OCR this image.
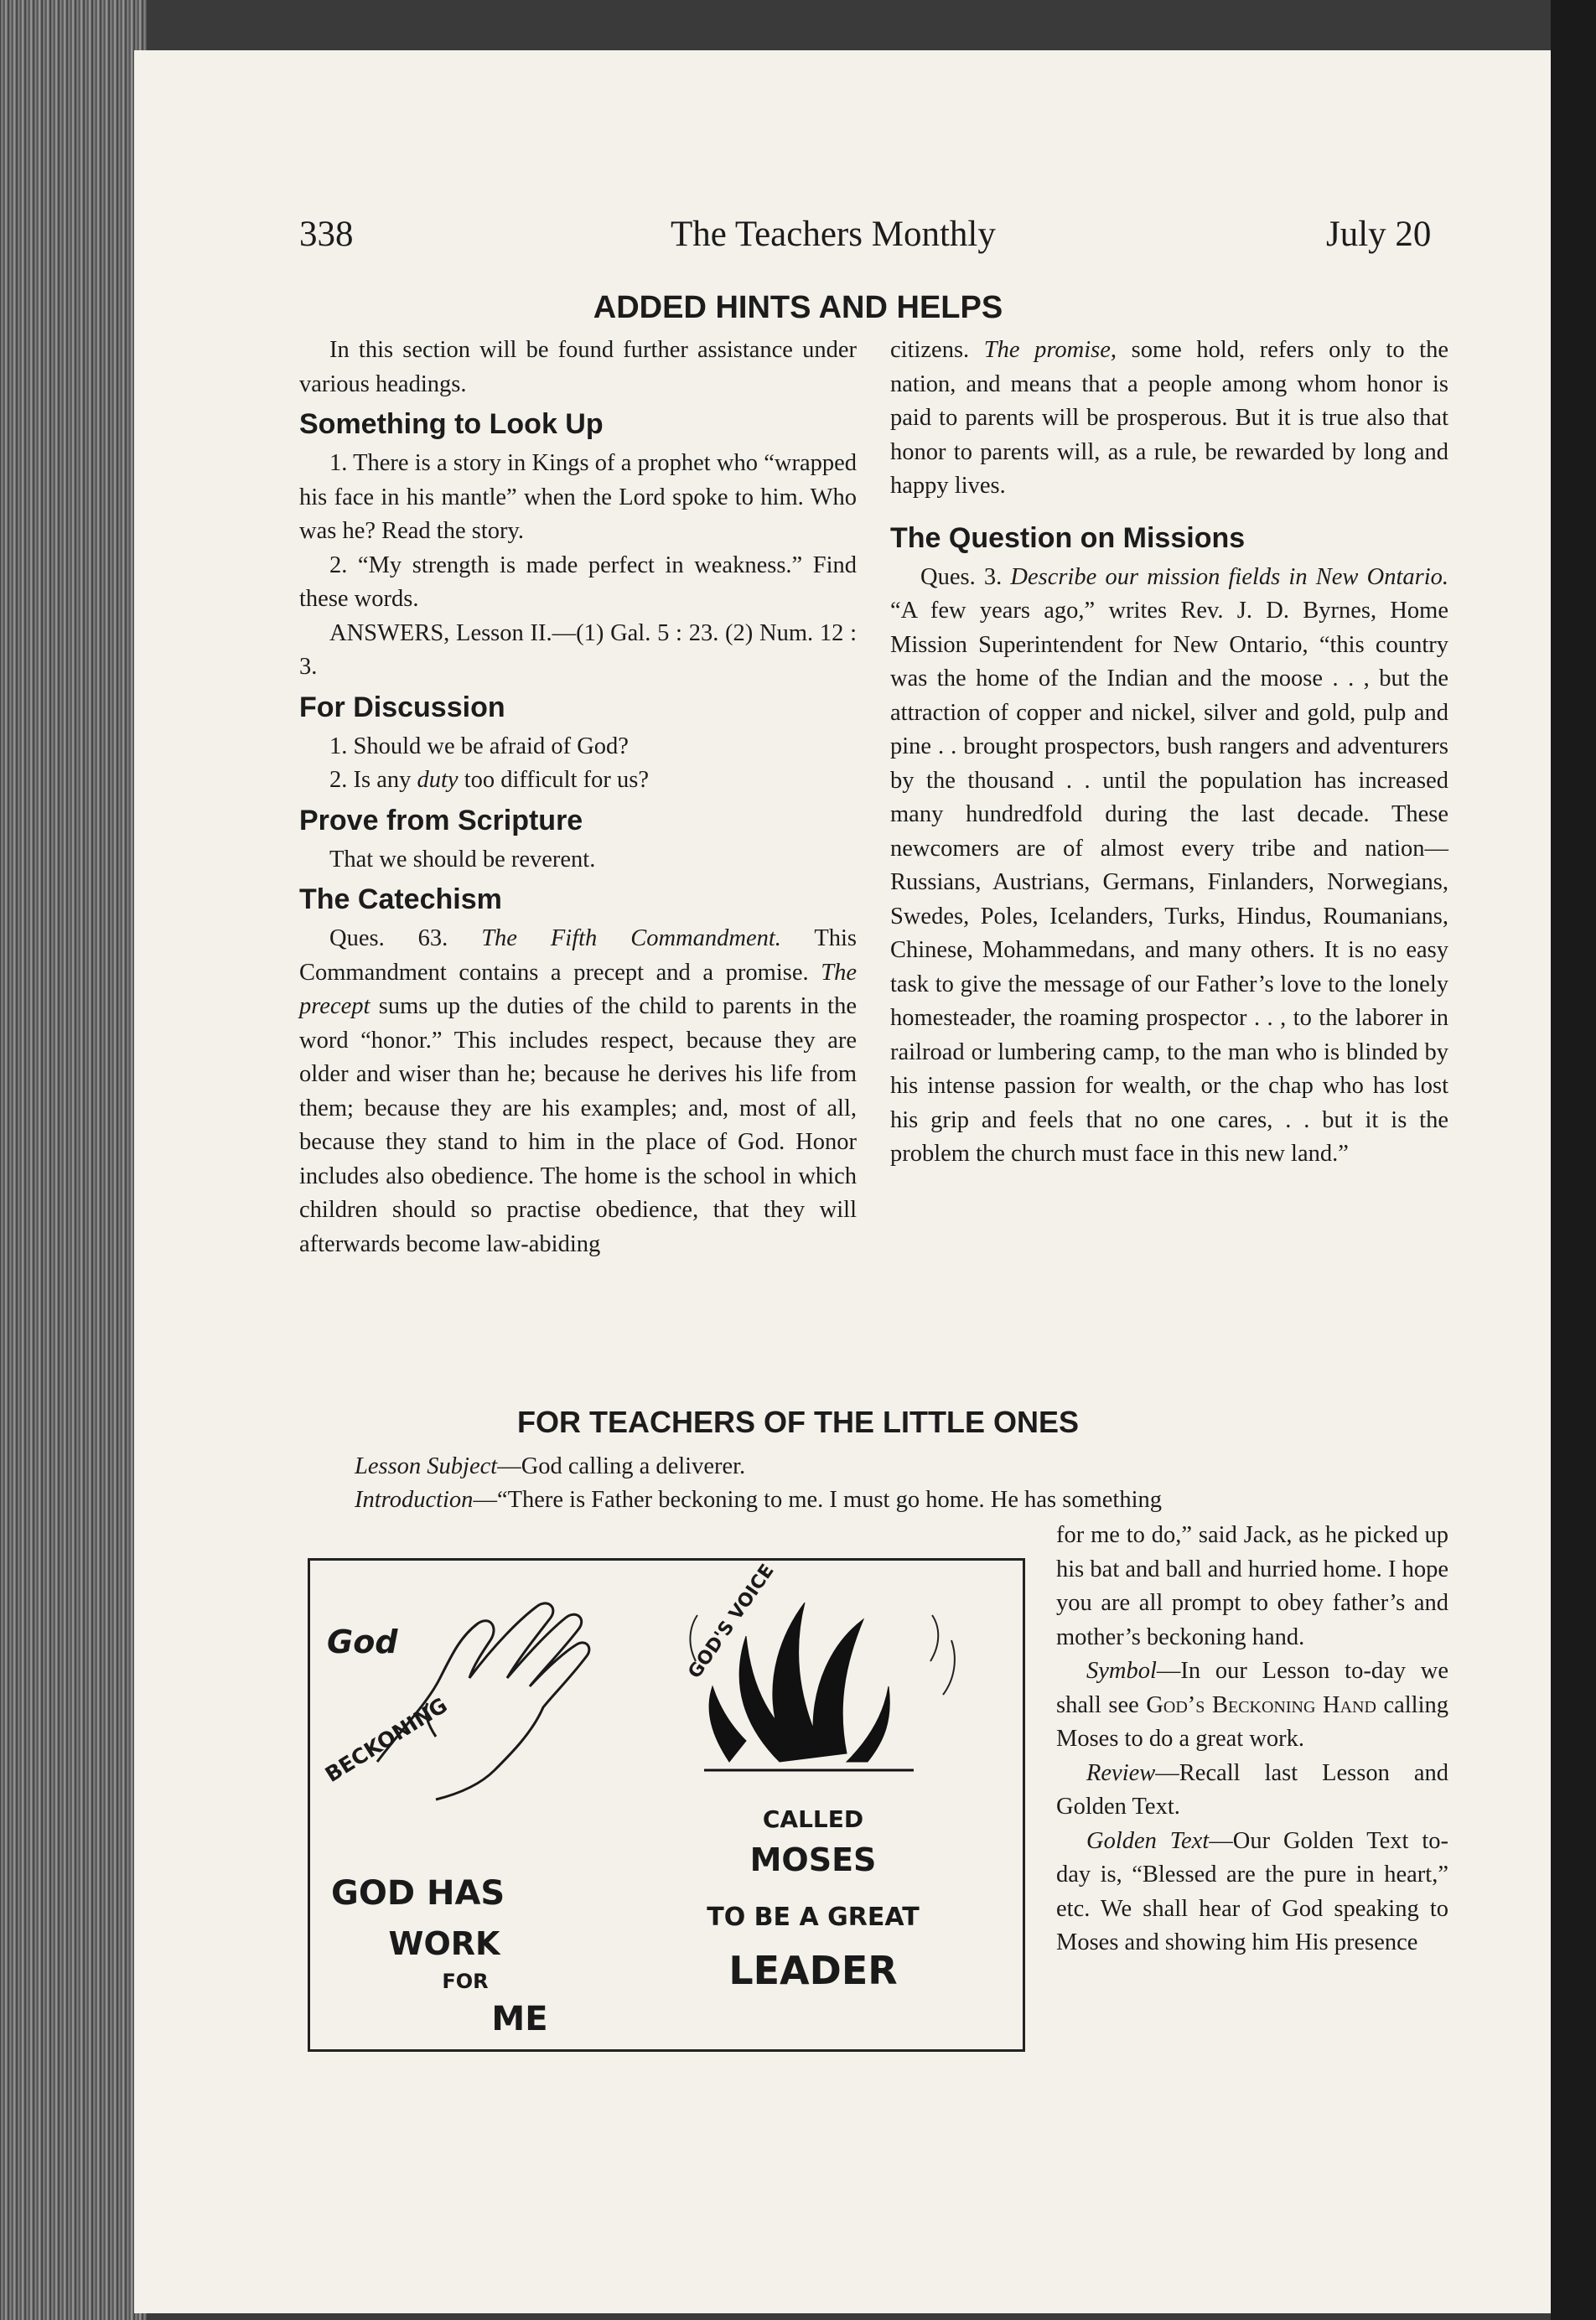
338	The Teachers Monthly	July 20
ADDED HINTS AND HELPS

In this section will be found further assistance under various headings.

Something to Look Up

1. There is a story in Kings of a prophet who “wrapped his face in his mantle” when the Lord spoke to him. Who was he? Read the story.

2. “My strength is made perfect in weakness.” Find these words.

ANSWERS, Lesson II.—(1) Gal. 5 : 23. (2) Num. 12 : 3.

For Discussion

1. Should we be afraid of God?

2. Is any duty too difficult for us?

Prove from Scripture

That we should be reverent.

The Catechism

Ques. 63. The Fifth Commandment. This Commandment contains a precept and a promise. The precept sums up the duties of the child to parents in the word “honor.” This includes respect, because they are older and wiser than he; because he derives his life from them; because they are his examples; and, most of all, because they stand to him in the place of God. Honor includes also obedience. The home is the school in which children should so practise obedience, that they will afterwards become law-abiding

citizens. The promise, some hold, refers only to the nation, and means that a people among whom honor is paid to parents will be prosperous. But it is true also that honor to parents will, as a rule, be rewarded by long and happy lives.

The Question on Missions

Ques. 3. Describe our mission fields in New Ontario. “A few years ago,” writes Rev. J. D. Byrnes, Home Mission Superintendent for New Ontario, “this country was the home of the Indian and the moose . . , but the attraction of copper and nickel, silver and gold, pulp and pine . . brought prospectors, bush rangers and adventurers by the thousand . . until the population has increased many hundredfold during the last decade. These newcomers are of almost every tribe and nation—Russians, Austrians, Germans, Finlanders, Norwegians, Swedes, Poles, Icelanders, Turks, Hindus, Roumanians, Chinese, Mohammedans, and many others. It is no easy task to give the message of our Father’s love to the lonely homesteader, the roaming prospector . . , to the laborer in railroad or lumbering camp, to the man who is blinded by his intense passion for wealth, or the chap who has lost his grip and feels that no one cares, . . but it is the problem the church must face in this new land.”

FOR TEACHERS OF THE LITTLE ONES

Lesson Subject—God calling a deliverer.

Introduction—“There is Father beckoning to me. I must go home. He has something

for me to do,” said Jack, as he picked up his bat and ball and hurried home. I hope you are all prompt to obey father’s and mother’s beckoning hand.

Symbol—In our Lesson to-day we shall see God’s Beckoning Hand calling Moses to do a great work.

Review—Recall last Lesson and Golden Text.

Golden Text—Our Golden Text to-day is, “Blessed are the pure in heart,” etc. We shall hear of God speaking to Moses and showing him His presence

God
BECKONING
GOD'S VOICE
CALLED
MOSES
TO BE A GREAT
LEADER
GOD HAS
WORK
FOR
ME
